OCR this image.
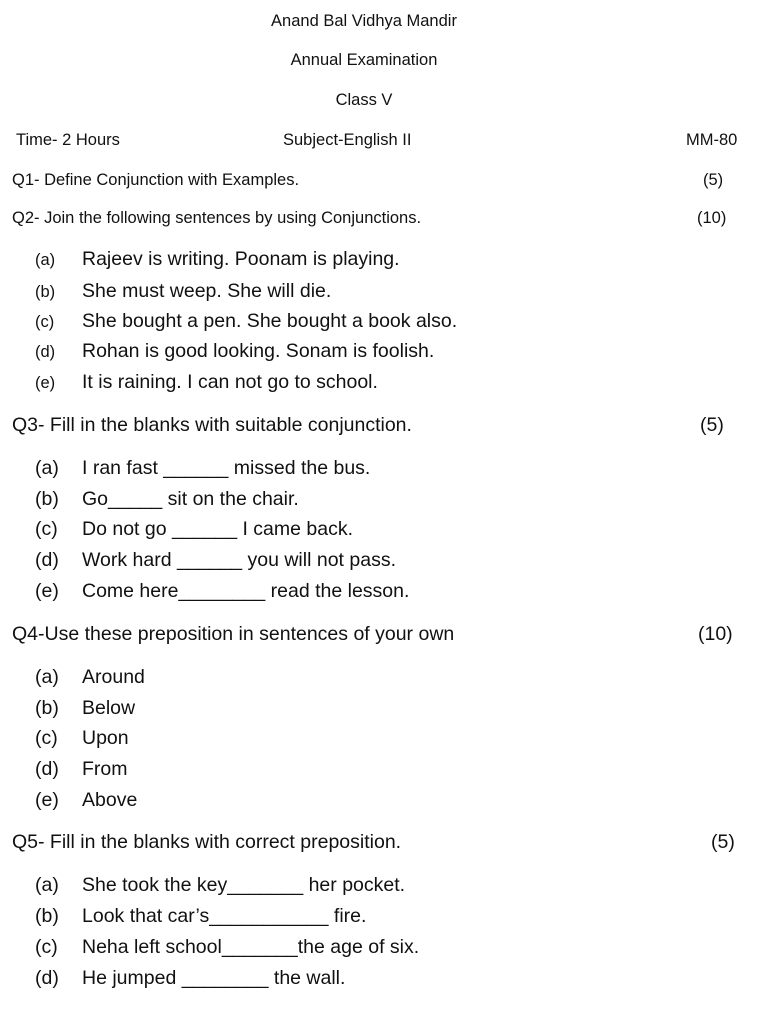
Anand Bal Vidhya Mandir
Annual Examination
Class V
Time- 2 Hours	Subject-English II	MM-80
Q1- Define Conjunction with Examples.	(5)
Q2- Join the following sentences by using Conjunctions.	(10)
(a) Rajeev is writing. Poonam is playing.
(b) She must weep. She will die.
(c) She bought a pen. She bought a book also.
(d) Rohan is good looking. Sonam is foolish.
(e) It is raining. I can not go to school.
Q3- Fill in the blanks with suitable conjunction.	(5)
(a) I ran fast ______ missed the bus.
(b) Go_____ sit on the chair.
(c) Do not go ______ I came back.
(d) Work hard ______ you will not pass.
(e) Come here________ read the lesson.
Q4-Use these preposition in sentences of your own	(10)
(a) Around
(b) Below
(c) Upon
(d) From
(e) Above
Q5- Fill in the blanks with correct preposition.	(5)
(a) She took the key_______ her pocket.
(b) Look that car’s___________ fire.
(c) Neha left school_______the age of six.
(d) He jumped ________ the wall.
